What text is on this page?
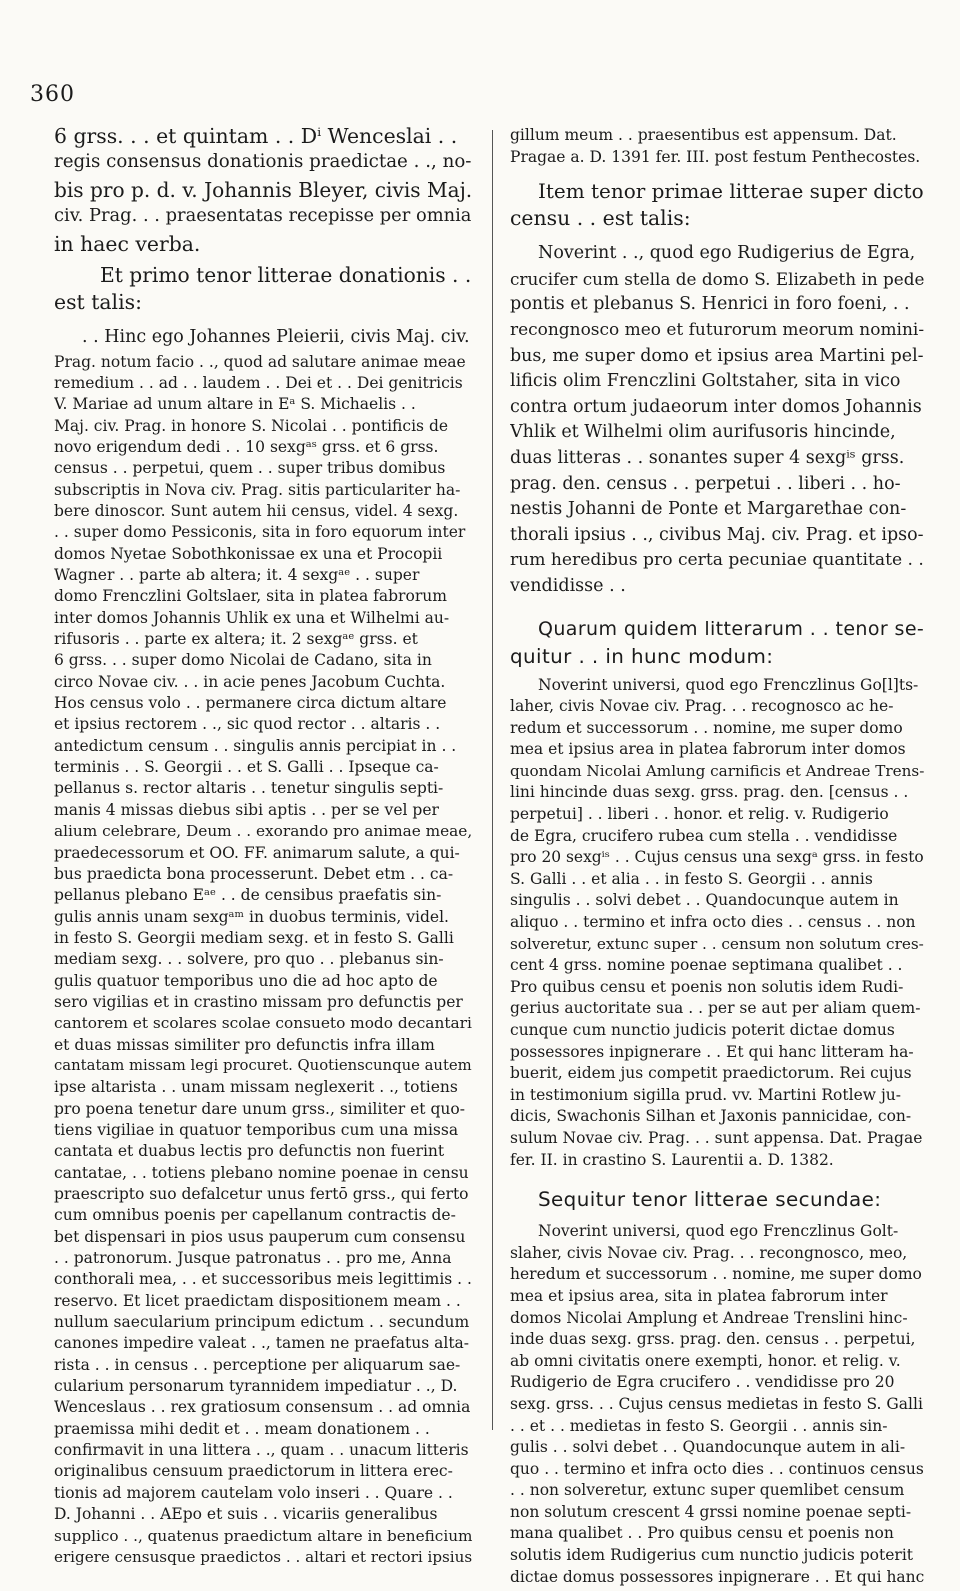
360
6 grss. . . et quintam . . Dⁱ Wenceslai . .
regis consensus donationis praedictae . ., no-
bis pro p. d. v. Johannis Bleyer, civis Maj.
civ. Prag. . . praesentatas recepisse per omnia
in haec verba.
Et primo tenor litterae donationis . .
est talis:
. . Hinc ego Johannes Pleierii, civis Maj. civ.
Prag. notum facio . ., quod ad salutare animae meae
remedium . . ad . . laudem . . Dei et . . Dei genitricis
V. Mariae ad unum altare in Eᵃ S. Michaelis . .
Maj. civ. Prag. in honore S. Nicolai . . pontificis de
novo erigendum dedi . . 10 sexgᵃˢ grss. et 6 grss.
census . . perpetui, quem . . super tribus domibus
subscriptis in Nova civ. Prag. sitis particulariter ha-
bere dinoscor. Sunt autem hii census, videl. 4 sexg.
. . super domo Pessiconis, sita in foro equorum inter
domos Nyetae Sobothkonissae ex una et Procopii
Wagner . . parte ab altera; it. 4 sexgᵃᵉ . . super
domo Frenczlini Goltslaer, sita in platea fabrorum
inter domos Johannis Uhlik ex una et Wilhelmi au-
rifusoris . . parte ex altera; it. 2 sexgᵃᵉ grss. et
6 grss. . . super domo Nicolai de Cadano, sita in
circo Novae civ. . . in acie penes Jacobum Cuchta.
Hos census volo . . permanere circa dictum altare
et ipsius rectorem . ., sic quod rector . . altaris . .
antedictum censum . . singulis annis percipiat in . .
terminis . . S. Georgii . . et S. Galli . . Ipseque ca-
pellanus s. rector altaris . . tenetur singulis septi-
manis 4 missas diebus sibi aptis . . per se vel per
alium celebrare, Deum . . exorando pro animae meae,
praedecessorum et OO. FF. animarum salute, a qui-
bus praedicta bona processerunt. Debet etm . . ca-
pellanus plebano Eᵃᵉ . . de censibus praefatis sin-
gulis annis unam sexgᵃᵐ in duobus terminis, videl.
in festo S. Georgii mediam sexg. et in festo S. Galli
mediam sexg. . . solvere, pro quo . . plebanus sin-
gulis quatuor temporibus uno die ad hoc apto de
sero vigilias et in crastino missam pro defunctis per
cantorem et scolares scolae consueto modo decantari
et duas missas similiter pro defunctis infra illam
cantatam missam legi procuret. Quotienscunque autem
ipse altarista . . unam missam neglexerit . ., totiens
pro poena tenetur dare unum grss., similiter et quo-
tiens vigiliae in quatuor temporibus cum una missa
cantata et duabus lectis pro defunctis non fuerint
cantatae, . . totiens plebano nomine poenae in censu
praescripto suo defalcetur unus fertō grss., qui ferto
cum omnibus poenis per capellanum contractis de-
bet dispensari in pios usus pauperum cum consensu
. . patronorum. Jusque patronatus . . pro me, Anna
conthorali mea, . . et successoribus meis legittimis . .
reservo. Et licet praedictam dispositionem meam . .
nullum saecularium principum edictum . . secundum
canones impedire valeat . ., tamen ne praefatus alta-
rista . . in census . . perceptione per aliquarum sae-
cularium personarum tyrannidem impediatur . ., D.
Wenceslaus . . rex gratiosum consensum . . ad omnia
praemissa mihi dedit et . . meam donationem . .
confirmavit in una littera . ., quam . . unacum litteris
originalibus censuum praedictorum in littera erec-
tionis ad majorem cautelam volo inseri . . Quare . .
D. Johanni . . AEpo et suis . . vicariis generalibus
supplico . ., quatenus praedictum altare in beneficium
erigere censusque praedictos . . altari et rectori ipsius
gillum meum . . praesentibus est appensum. Dat.
Pragae a. D. 1391 fer. III. post festum Penthecostes.
Item tenor primae litterae super dicto
censu . . est talis:
Noverint . ., quod ego Rudigerius de Egra,
crucifer cum stella de domo S. Elizabeth in pede
pontis et plebanus S. Henrici in foro foeni, . .
recongnosco meo et futurorum meorum nomini-
bus, me super domo et ipsius area Martini pel-
lificis olim Frenczlini Goltstaher, sita in vico
contra ortum judaeorum inter domos Johannis
Vhlik et Wilhelmi olim aurifusoris hincinde,
duas litteras . . sonantes super 4 sexgⁱˢ grss.
prag. den. census . . perpetui . . liberi . . ho-
nestis Johanni de Ponte et Margarethae con-
thorali ipsius . ., civibus Maj. civ. Prag. et ipso-
rum heredibus pro certa pecuniae quantitate . .
vendidisse . .
Quarum quidem litterarum . . tenor se-
quitur . . in hunc modum:
Noverint universi, quod ego Frenczlinus Go[l]ts-
laher, civis Novae civ. Prag. . . recognosco ac he-
redum et successorum . . nomine, me super domo
mea et ipsius area in platea fabrorum inter domos
quondam Nicolai Amlung carnificis et Andreae Trens-
lini hincinde duas sexg. grss. prag. den. [census . .
perpetui] . . liberi . . honor. et relig. v. Rudigerio
de Egra, crucifero rubea cum stella . . vendidisse
pro 20 sexgⁱˢ . . Cujus census una sexgᵃ grss. in festo
S. Galli . . et alia . . in festo S. Georgii . . annis
singulis . . solvi debet . . Quandocunque autem in
aliquo . . termino et infra octo dies . . census . . non
solveretur, extunc super . . censum non solutum cres-
cent 4 grss. nomine poenae septimana qualibet . .
Pro quibus censu et poenis non solutis idem Rudi-
gerius auctoritate sua . . per se aut per aliam quem-
cunque cum nunctio judicis poterit dictae domus
possessores inpignerare . . Et qui hanc litteram ha-
buerit, eidem jus competit praedictorum. Rei cujus
in testimonium sigilla prud. vv. Martini Rotlew ju-
dicis, Swachonis Silhan et Jaxonis pannicidae, con-
sulum Novae civ. Prag. . . sunt appensa. Dat. Pragae
fer. II. in crastino S. Laurentii a. D. 1382.
Sequitur tenor litterae secundae:
Noverint universi, quod ego Frenczlinus Golt-
slaher, civis Novae civ. Prag. . . recongnosco, meo,
heredum et successorum . . nomine, me super domo
mea et ipsius area, sita in platea fabrorum inter
domos Nicolai Amplung et Andreae Trenslini hinc-
inde duas sexg. grss. prag. den. census . . perpetui,
ab omni civitatis onere exempti, honor. et relig. v.
Rudigerio de Egra crucifero . . vendidisse pro 20
sexg. grss. . . Cujus census medietas in festo S. Galli
. . et . . medietas in festo S. Georgii . . annis sin-
gulis . . solvi debet . . Quandocunque autem in ali-
quo . . termino et infra octo dies . . continuos census
. . non solveretur, extunc super quemlibet censum
non solutum crescent 4 grssi nomine poenae septi-
mana qualibet . . Pro quibus censu et poenis non
solutis idem Rudigerius cum nunctio judicis poterit
dictae domus possessores inpignerare . . Et qui hanc
